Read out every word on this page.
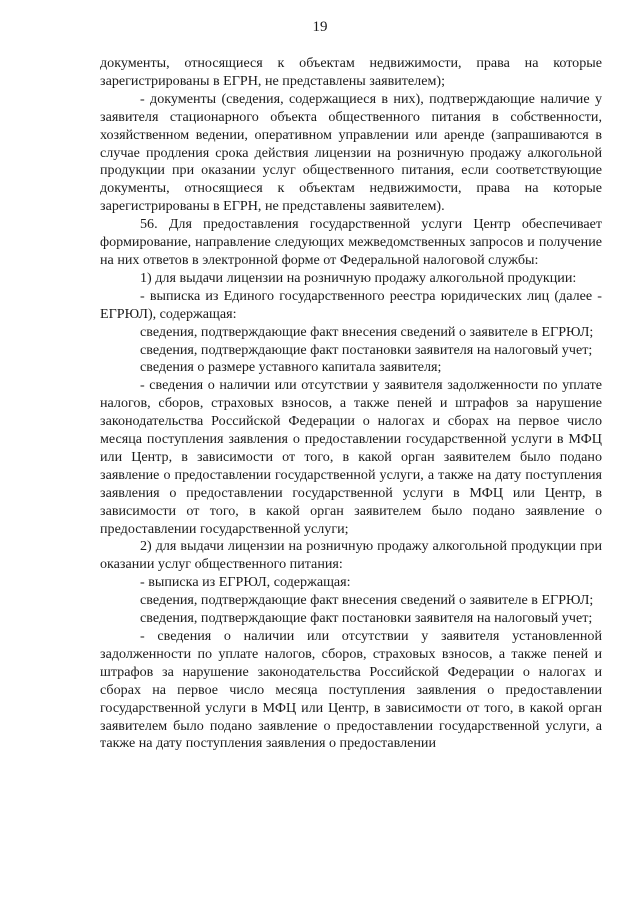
19

документы, относящиеся к объектам недвижимости, права на которые зарегистрированы в ЕГРН, не представлены заявителем);

- документы (сведения, содержащиеся в них), подтверждающие наличие у заявителя стационарного объекта общественного питания в собственности, хозяйственном ведении, оперативном управлении или аренде (запрашиваются в случае продления срока действия лицензии на розничную продажу алкогольной продукции при оказании услуг общественного питания, если соответствующие документы, относящиеся к объектам недвижимости, права на которые зарегистрированы в ЕГРН, не представлены заявителем).

56. Для предоставления государственной услуги Центр обеспечивает формирование, направление следующих межведомственных запросов и получение на них ответов в электронной форме от Федеральной налоговой службы:

1) для выдачи лицензии на розничную продажу алкогольной продукции:

- выписка из Единого государственного реестра юридических лиц (далее - ЕГРЮЛ), содержащая:

сведения, подтверждающие факт внесения сведений о заявителе в ЕГРЮЛ;

сведения, подтверждающие факт постановки заявителя на налоговый учет;

сведения о размере уставного капитала заявителя;

- сведения о наличии или отсутствии у заявителя задолженности по уплате налогов, сборов, страховых взносов, а также пеней и штрафов за нарушение законодательства Российской Федерации о налогах и сборах на первое число месяца поступления заявления о предоставлении государственной услуги в МФЦ или Центр, в зависимости от того, в какой орган заявителем было подано заявление о предоставлении государственной услуги, а также на дату поступления заявления о предоставлении государственной услуги в МФЦ или Центр, в зависимости от того, в какой орган заявителем было подано заявление о предоставлении государственной услуги;

2) для выдачи лицензии на розничную продажу алкогольной продукции при оказании услуг общественного питания:

- выписка из ЕГРЮЛ, содержащая:

сведения, подтверждающие факт внесения сведений о заявителе в ЕГРЮЛ;

сведения, подтверждающие факт постановки заявителя на налоговый учет;

- сведения о наличии или отсутствии у заявителя установленной задолженности по уплате налогов, сборов, страховых взносов, а также пеней и штрафов за нарушение законодательства Российской Федерации о налогах и сборах на первое число месяца поступления заявления о предоставлении государственной услуги в МФЦ или Центр, в зависимости от того, в какой орган заявителем было подано заявление о предоставлении государственной услуги, а также на дату поступления заявления о предоставлении
